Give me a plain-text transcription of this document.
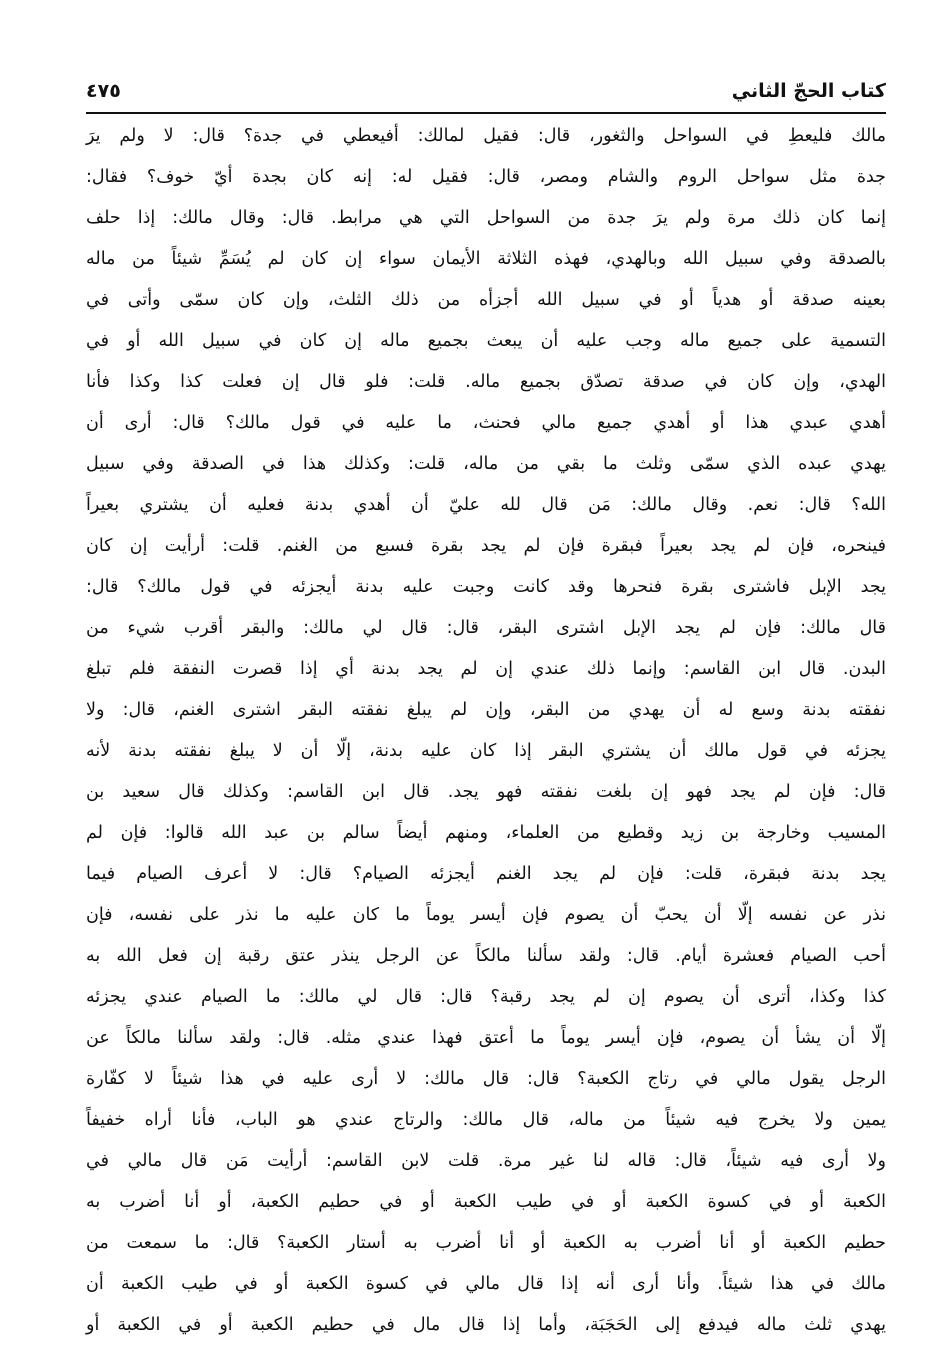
كتاب الحجّ الثاني
٤٧٥
مالك فليعطِ في السواحل والثغور، قال: فقيل لمالك: أفيعطي في جدة؟ قال: لا ولم يرَ
جدة مثل سواحل الروم والشام ومصر، قال: فقيل له: إنه كان بجدة أيّ خوف؟ فقال:
إنما كان ذلك مرة ولم يرَ جدة من السواحل التي هي مرابط. قال: وقال مالك: إذا حلف
بالصدقة وفي سبيل الله وبالهدي، فهذه الثلاثة الأيمان سواء إن كان لم يُسَمِّ شيئاً من ماله
بعينه صدقة أو هدياً أو في سبيل الله أجزأه من ذلك الثلث، وإن كان سمّى وأتى في
التسمية على جميع ماله وجب عليه أن يبعث بجميع ماله إن كان في سبيل الله أو في
الهدي، وإن كان في صدقة تصدّق بجميع ماله. قلت: فلو قال إن فعلت كذا وكذا فأنا
أهدي عبدي هذا أو أهدي جميع مالي فحنث، ما عليه في قول مالك؟ قال: أرى أن
يهدي عبده الذي سمّى وثلث ما بقي من ماله، قلت: وكذلك هذا في الصدقة وفي سبيل
الله؟ قال: نعم. وقال مالك: مَن قال لله عليّ أن أهدي بدنة فعليه أن يشتري بعيراً
فينحره، فإن لم يجد بعيراً فبقرة فإن لم يجد بقرة فسبع من الغنم. قلت: أرأيت إن كان
يجد الإبل فاشترى بقرة فنحرها وقد كانت وجبت عليه بدنة أيجزئه في قول مالك؟ قال:
قال مالك: فإن لم يجد الإبل اشترى البقر، قال: قال لي مالك: والبقر أقرب شيء من
البدن. قال ابن القاسم: وإنما ذلك عندي إن لم يجد بدنة أي إذا قصرت النفقة فلم تبلغ
نفقته بدنة وسع له أن يهدي من البقر، وإن لم يبلغ نفقته البقر اشترى الغنم، قال: ولا
يجزئه في قول مالك أن يشتري البقر إذا كان عليه بدنة، إلّا أن لا يبلغ نفقته بدنة لأنه
قال: فإن لم يجد فهو إن بلغت نفقته فهو يجد. قال ابن القاسم: وكذلك قال سعيد بن
المسيب وخارجة بن زيد وقطيع من العلماء، ومنهم أيضاً سالم بن عبد الله قالوا: فإن لم
يجد بدنة فبقرة، قلت: فإن لم يجد الغنم أيجزئه الصيام؟ قال: لا أعرف الصيام فيما
نذر عن نفسه إلّا أن يحبّ أن يصوم فإن أيسر يوماً ما كان عليه ما نذر على نفسه، فإن
أحب الصيام فعشرة أيام. قال: ولقد سألنا مالكاً عن الرجل ينذر عتق رقبة إن فعل الله به
كذا وكذا، أترى أن يصوم إن لم يجد رقبة؟ قال: قال لي مالك: ما الصيام عندي يجزئه
إلّا أن يشأ أن يصوم، فإن أيسر يوماً ما أعتق فهذا عندي مثله. قال: ولقد سألنا مالكاً عن
الرجل يقول مالي في رتاج الكعبة؟ قال: قال مالك: لا أرى عليه في هذا شيئاً لا كفّارة
يمين ولا يخرج فيه شيئاً من ماله، قال مالك: والرتاج عندي هو الباب، فأنا أراه خفيفاً
ولا أرى فيه شيئاً، قال: قاله لنا غير مرة. قلت لابن القاسم: أرأيت مَن قال مالي في
الكعبة أو في كسوة الكعبة أو في طيب الكعبة أو في حطيم الكعبة، أو أنا أضرب به
حطيم الكعبة أو أنا أضرب به الكعبة أو أنا أضرب به أستار الكعبة؟ قال: ما سمعت من
مالك في هذا شيئاً. وأنا أرى أنه إذا قال مالي في كسوة الكعبة أو في طيب الكعبة أن
يهدي ثلث ماله فيدفع إلى الحَجَبَة، وأما إذا قال مال في حطيم الكعبة أو في الكعبة أو
